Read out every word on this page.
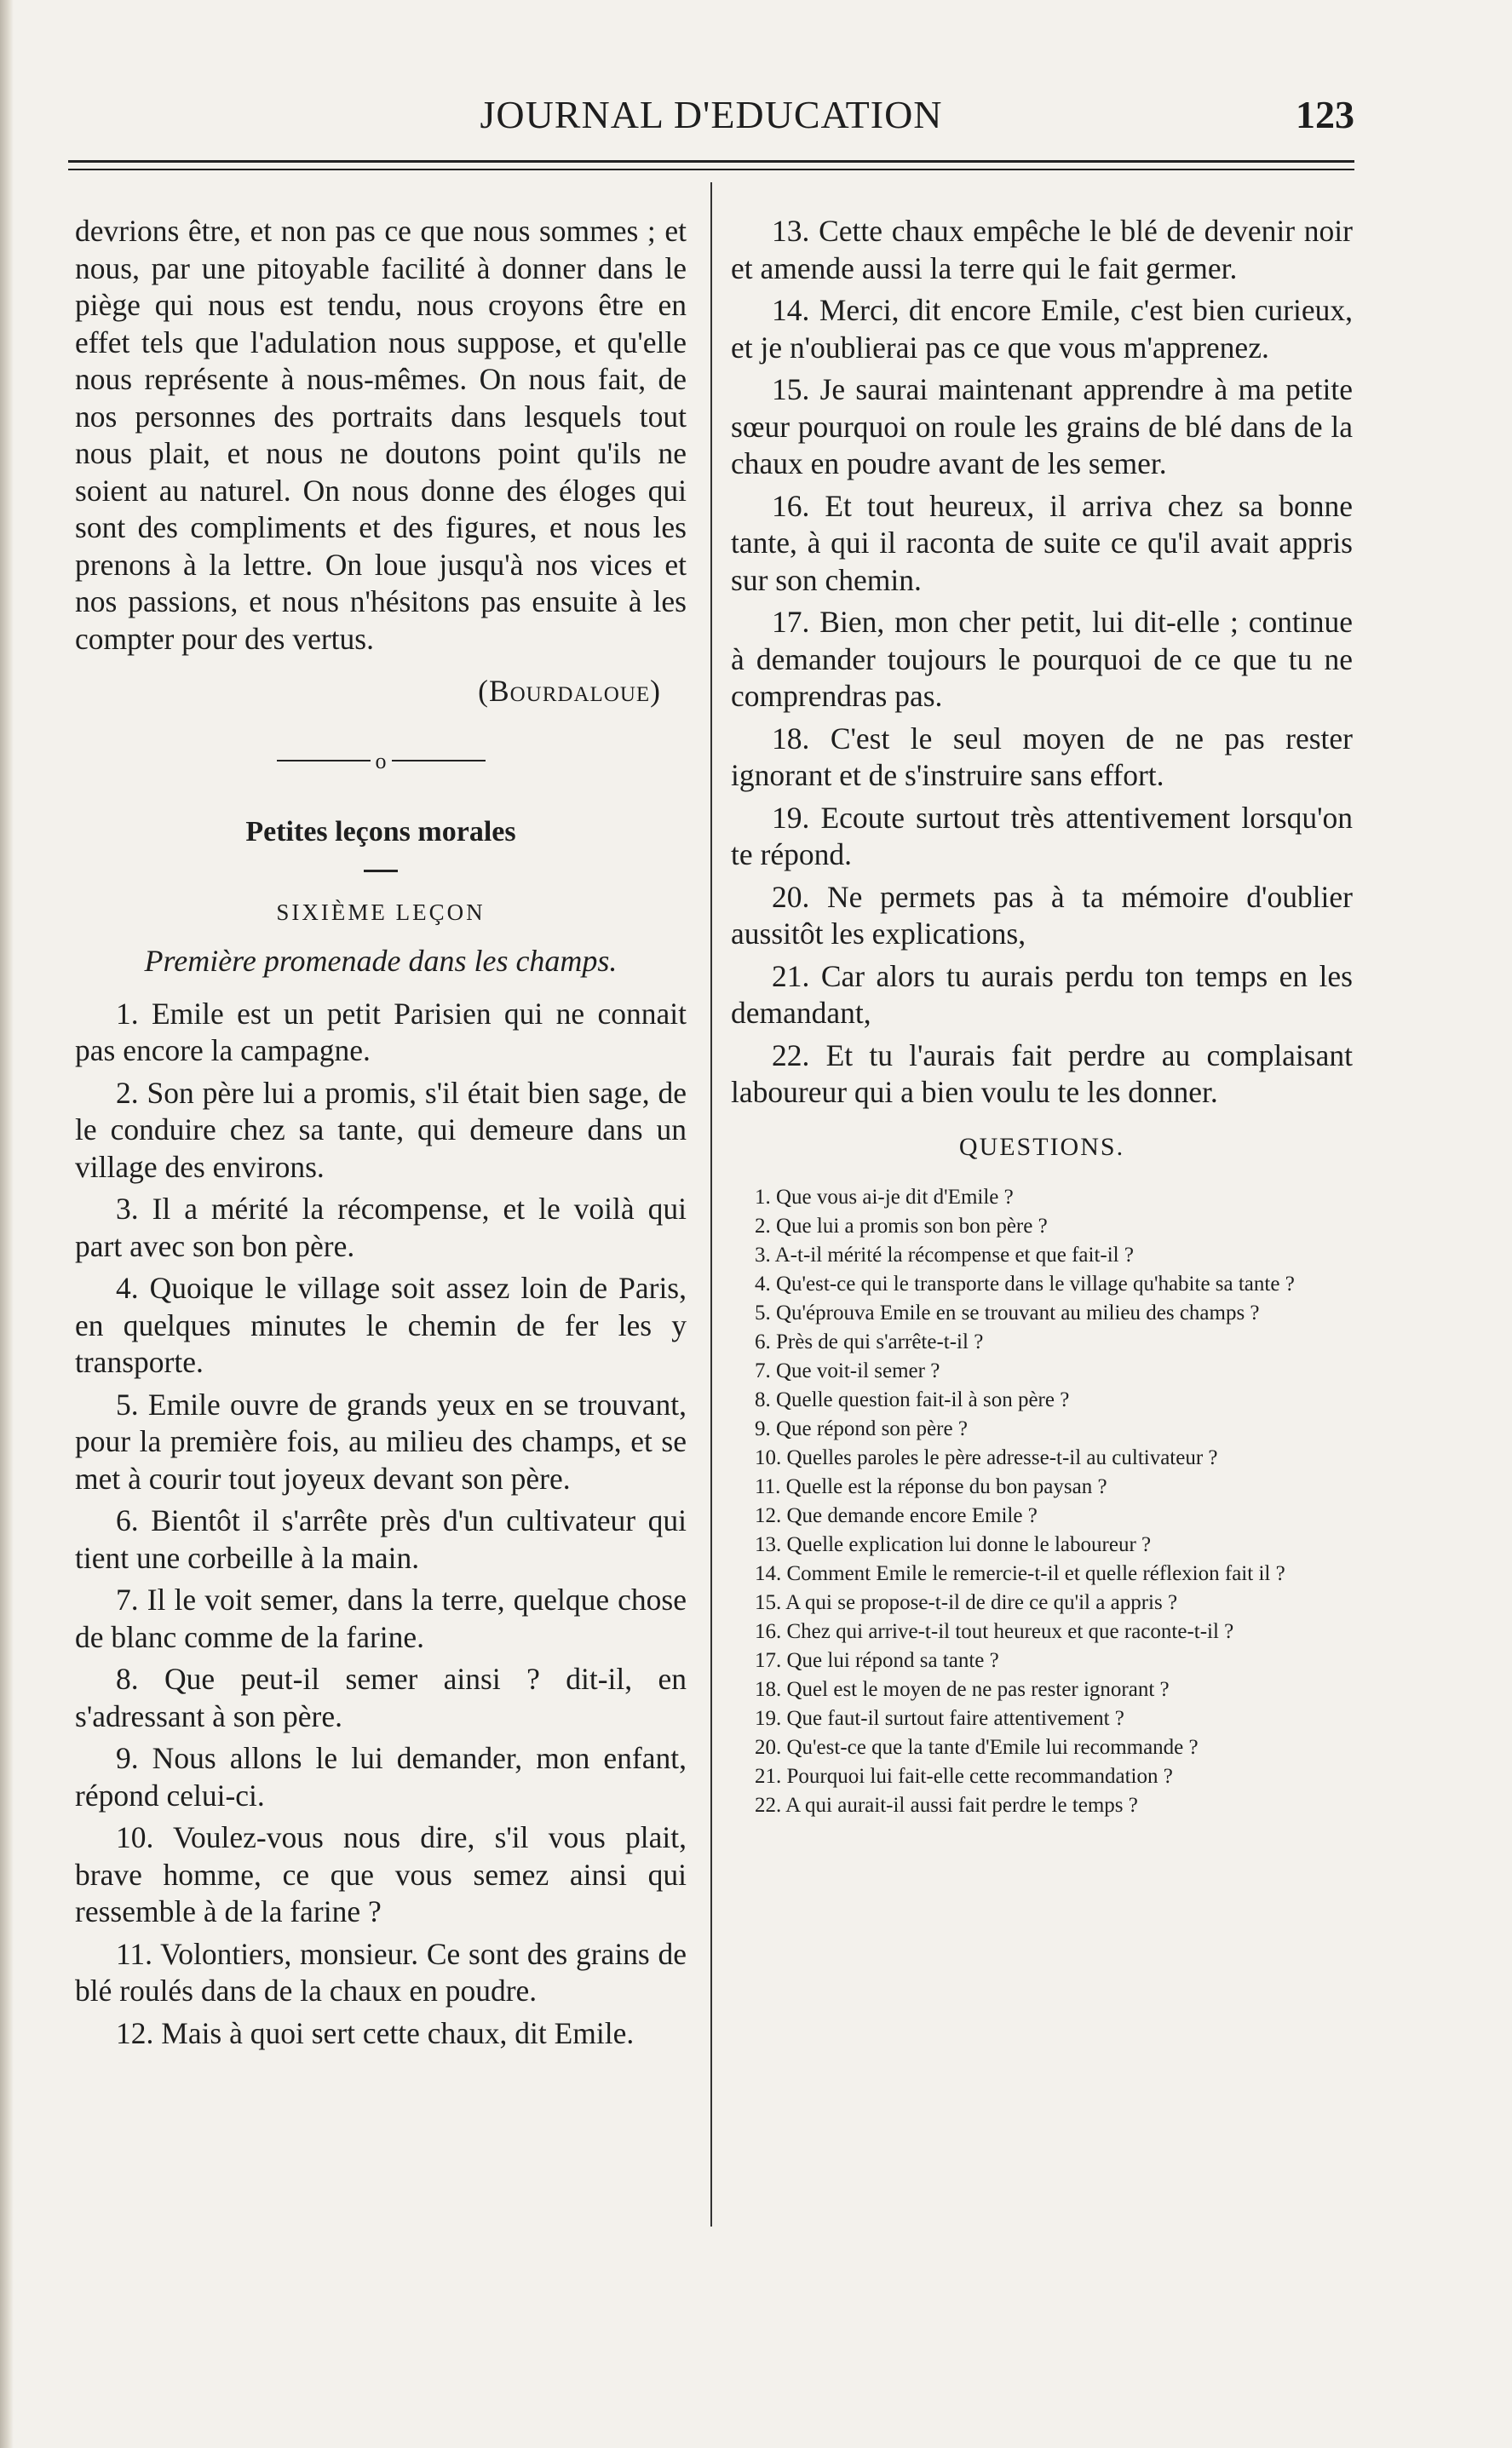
JOURNAL D'EDUCATION	123

devrions être, et non pas ce que nous sommes ; et nous, par une pitoyable facilité à donner dans le piège qui nous est tendu, nous croyons être en effet tels que l'adulation nous suppose, et qu'elle nous représente à nous-mêmes. On nous fait, de nos personnes des portraits dans lesquels tout nous plait, et nous ne doutons point qu'ils ne soient au naturel. On nous donne des éloges qui sont des compliments et des figures, et nous les prenons à la lettre. On loue jusqu'à nos vices et nos passions, et nous n'hésitons pas ensuite à les compter pour des vertus.

(Bourdaloue)
o

Petites leçons morales

SIXIÈME LEÇON

Première promenade dans les champs.

1. Emile est un petit Parisien qui ne connait pas encore la campagne.

2. Son père lui a promis, s'il était bien sage, de le conduire chez sa tante, qui demeure dans un village des environs.

3. Il a mérité la récompense, et le voilà qui part avec son bon père.

4. Quoique le village soit assez loin de Paris, en quelques minutes le chemin de fer les y transporte.

5. Emile ouvre de grands yeux en se trouvant, pour la première fois, au milieu des champs, et se met à courir tout joyeux devant son père.

6. Bientôt il s'arrête près d'un cultivateur qui tient une corbeille à la main.

7. Il le voit semer, dans la terre, quelque chose de blanc comme de la farine.

8. Que peut-il semer ainsi ? dit-il, en s'adressant à son père.

9. Nous allons le lui demander, mon enfant, répond celui-ci.

10. Voulez-vous nous dire, s'il vous plait, brave homme, ce que vous semez ainsi qui ressemble à de la farine ?

11. Volontiers, monsieur. Ce sont des grains de blé roulés dans de la chaux en poudre.

12. Mais à quoi sert cette chaux, dit Emile.

13. Cette chaux empêche le blé de devenir noir et amende aussi la terre qui le fait germer.

14. Merci, dit encore Emile, c'est bien curieux, et je n'oublierai pas ce que vous m'apprenez.

15. Je saurai maintenant apprendre à ma petite sœur pourquoi on roule les grains de blé dans de la chaux en poudre avant de les semer.

16. Et tout heureux, il arriva chez sa bonne tante, à qui il raconta de suite ce qu'il avait appris sur son chemin.

17. Bien, mon cher petit, lui dit-elle ; continue à demander toujours le pourquoi de ce que tu ne comprendras pas.

18. C'est le seul moyen de ne pas rester ignorant et de s'instruire sans effort.

19. Ecoute surtout très attentivement lorsqu'on te répond.

20. Ne permets pas à ta mémoire d'oublier aussitôt les explications,

21. Car alors tu aurais perdu ton temps en les demandant,

22. Et tu l'aurais fait perdre au complaisant laboureur qui a bien voulu te les donner.

QUESTIONS.

1. Que vous ai-je dit d'Emile ?

2. Que lui a promis son bon père ?

3. A-t-il mérité la récompense et que fait-il ?

4. Qu'est-ce qui le transporte dans le village qu'habite sa tante ?

5. Qu'éprouva Emile en se trouvant au milieu des champs ?

6. Près de qui s'arrête-t-il ?

7. Que voit-il semer ?

8. Quelle question fait-il à son père ?

9. Que répond son père ?

10. Quelles paroles le père adresse-t-il au cultivateur ?

11. Quelle est la réponse du bon paysan ?

12. Que demande encore Emile ?

13. Quelle explication lui donne le laboureur ?

14. Comment Emile le remercie-t-il et quelle réflexion fait il ?

15. A qui se propose-t-il de dire ce qu'il a appris ?

16. Chez qui arrive-t-il tout heureux et que raconte-t-il ?

17. Que lui répond sa tante ?

18. Quel est le moyen de ne pas rester ignorant ?

19. Que faut-il surtout faire attentivement ?

20. Qu'est-ce que la tante d'Emile lui recommande ?

21. Pourquoi lui fait-elle cette recommandation ?

22. A qui aurait-il aussi fait perdre le temps ?
